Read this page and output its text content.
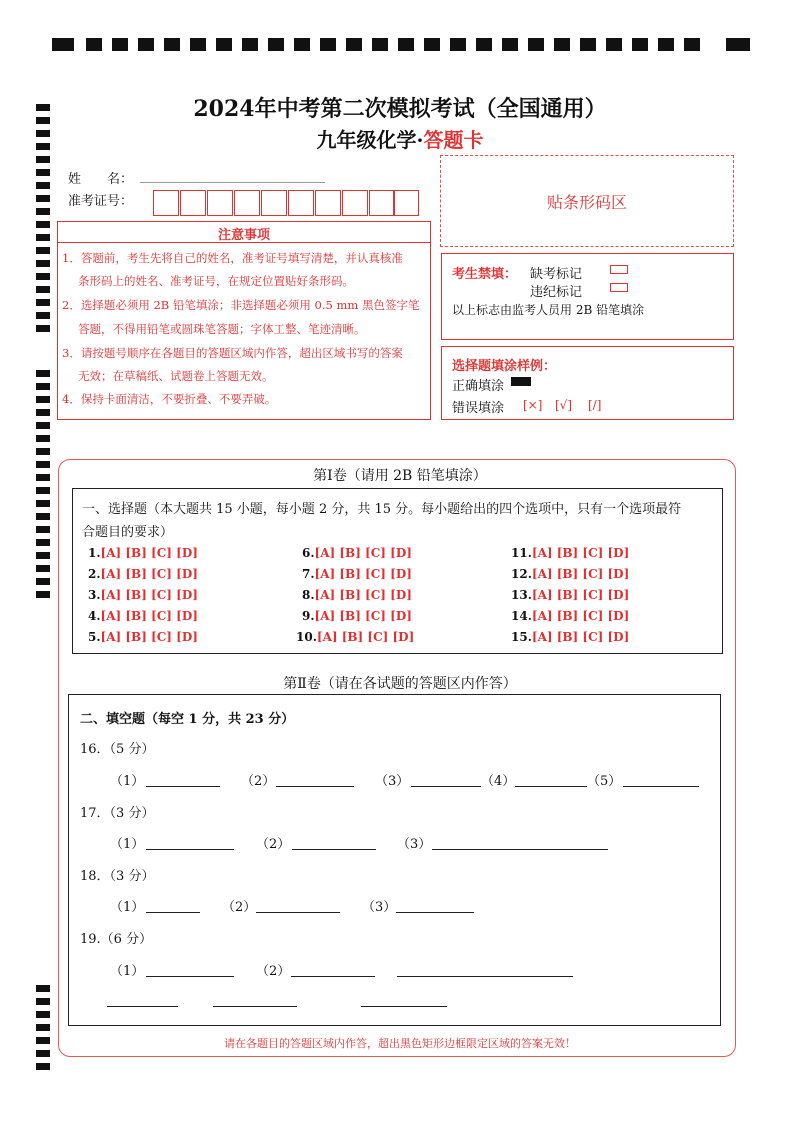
2024年中考第二次模拟考试（全国通用）
九年级化学·答题卡
姓　　名：
准考证号：	贴条形码区
注意事项
1．答题前，考生先将自己的姓名，准考证号填写清楚，并认真核准
条形码上的姓名、准考证号，在规定位置贴好条形码。
2．选择题必须用 2B 铅笔填涂；非选择题必须用 0.5 mm 黑色签字笔
答题，不得用铅笔或圆珠笔答题；字体工整、笔迹清晰。
3．请按题号顺序在各题目的答题区域内作答，超出区域书写的答案
无效；在草稿纸、试题卷上答题无效。
4．保持卡面清洁，不要折叠、不要弄破。
考生禁填： 缺考标记
违纪标记
以上标志由监考人员用 2B 铅笔填涂
选择题填涂样例：
正确填涂
错误填涂 [×] [√] [/]
第Ⅰ卷（请用 2B 铅笔填涂）
一、选择题（本大题共 15 小题，每小题 2 分，共 15 分。每小题给出的四个选项中，只有一个选项最符
合题目的要求）
1.[A] [B] [C] [D]
2.[A] [B] [C] [D]
3.[A] [B] [C] [D]
4.[A] [B] [C] [D]
5.[A] [B] [C] [D]
6.[A] [B] [C] [D]
7.[A] [B] [C] [D]
8.[A] [B] [C] [D]
9.[A] [B] [C] [D]
10.[A] [B] [C] [D]
11.[A] [B] [C] [D]
12.[A] [B] [C] [D]
13.[A] [B] [C] [D]
14.[A] [B] [C] [D]
15.[A] [B] [C] [D]
第Ⅱ卷（请在各试题的答题区内作答）
二、填空题（每空 1 分，共 23 分）
16．（5 分）
（1）	（2）	（3）	（4）	（5）
17．（3 分）
（1）	（2）	（3）
18．（3 分）
（1）	（2）	（3）
19.（6 分）
（1）	（2）
请在各题目的答题区域内作答，超出黑色矩形边框限定区域的答案无效！
